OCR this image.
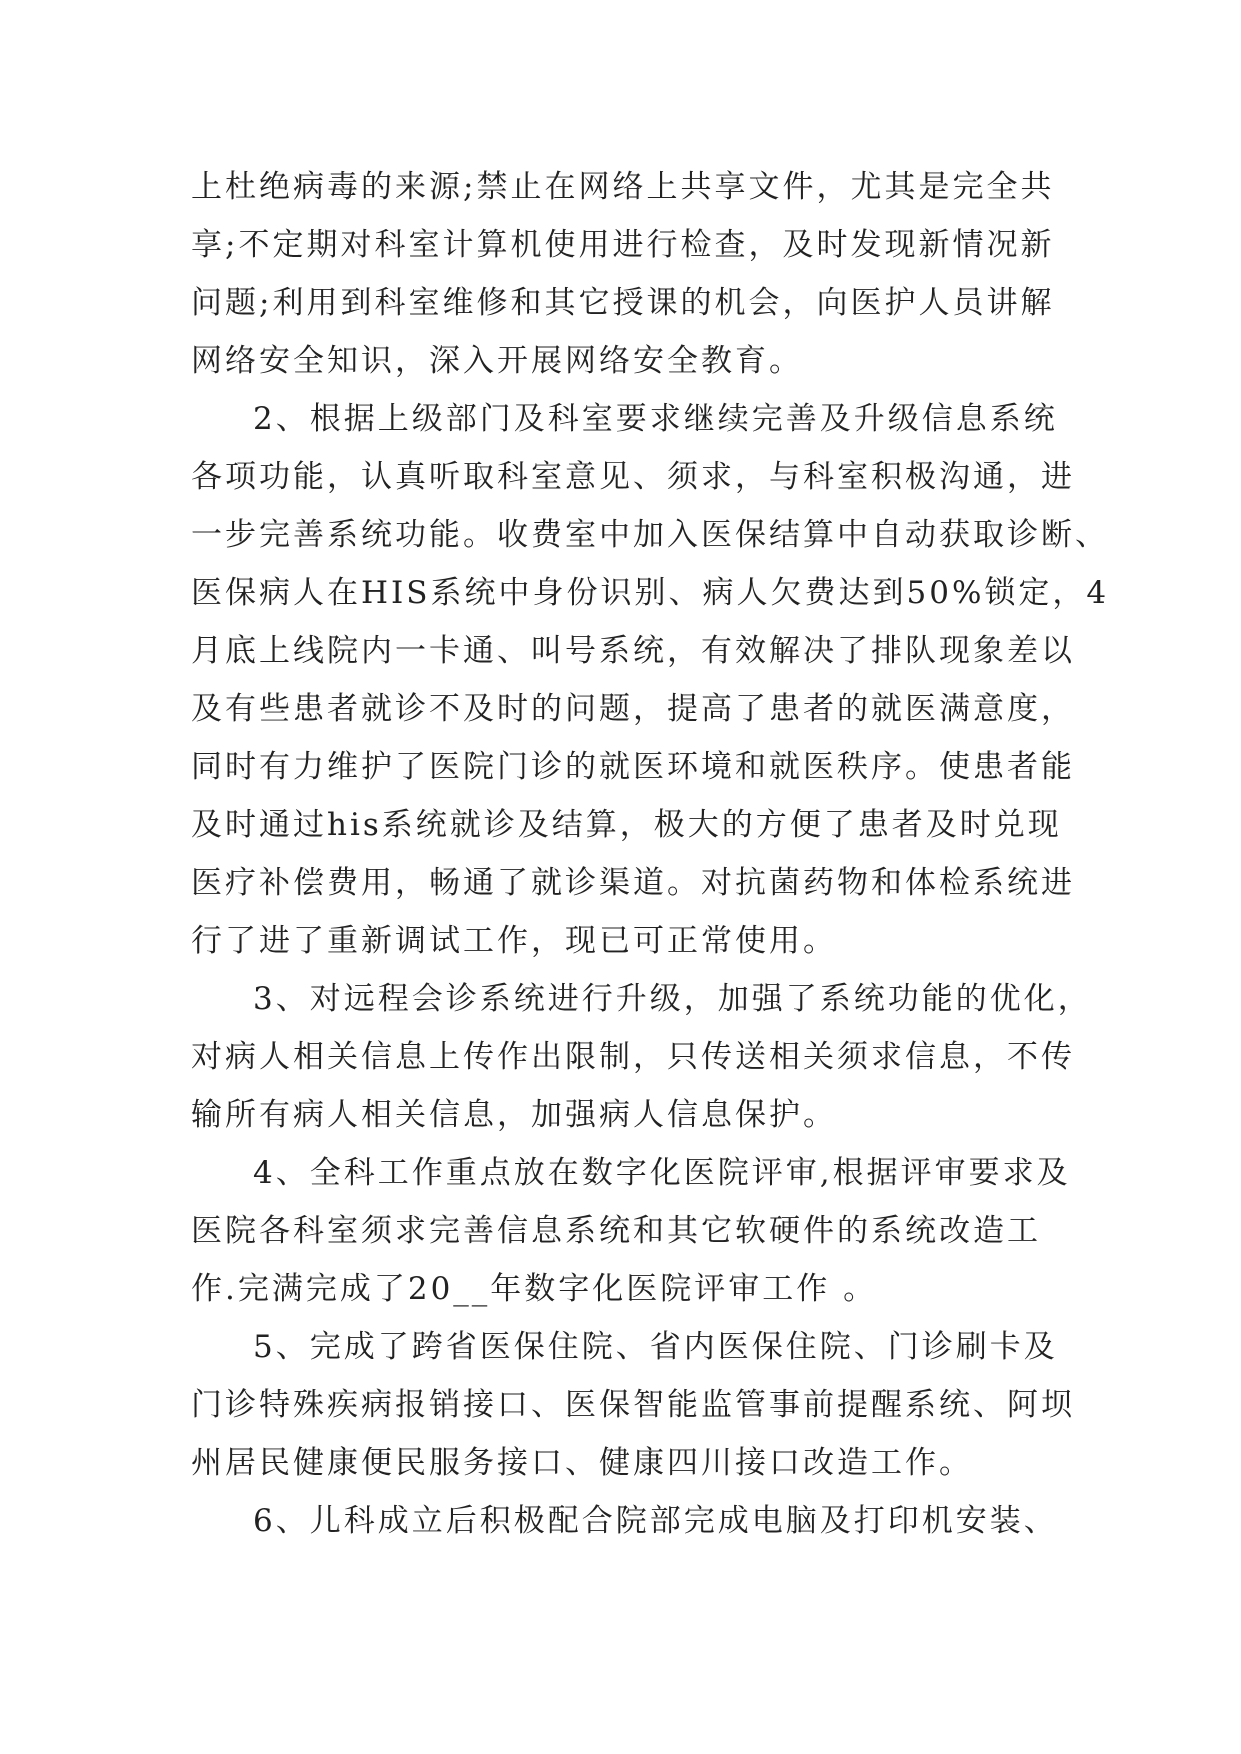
上杜绝病毒的来源;禁止在网络上共享文件，尤其是完全共
享;不定期对科室计算机使用进行检查，及时发现新情况新
问题;利用到科室维修和其它授课的机会，向医护人员讲解
网络安全知识，深入开展网络安全教育。
2、根据上级部门及科室要求继续完善及升级信息系统
各项功能，认真听取科室意见、须求，与科室积极沟通，进
一步完善系统功能。收费室中加入医保结算中自动获取诊断、
医保病人在HIS系统中身份识别、病人欠费达到50%锁定，4
月底上线院内一卡通、叫号系统，有效解决了排队现象差以
及有些患者就诊不及时的问题，提高了患者的就医满意度，
同时有力维护了医院门诊的就医环境和就医秩序。使患者能
及时通过his系统就诊及结算，极大的方便了患者及时兑现
医疗补偿费用，畅通了就诊渠道。对抗菌药物和体检系统进
行了进了重新调试工作，现已可正常使用。
3、对远程会诊系统进行升级，加强了系统功能的优化，
对病人相关信息上传作出限制，只传送相关须求信息，不传
输所有病人相关信息，加强病人信息保护。
4、全科工作重点放在数字化医院评审,根据评审要求及
医院各科室须求完善信息系统和其它软硬件的系统改造工
作.完满完成了20__年数字化医院评审工作 。
5、完成了跨省医保住院、省内医保住院、门诊刷卡及
门诊特殊疾病报销接口、医保智能监管事前提醒系统、阿坝
州居民健康便民服务接口、健康四川接口改造工作。
6、儿科成立后积极配合院部完成电脑及打印机安装、
